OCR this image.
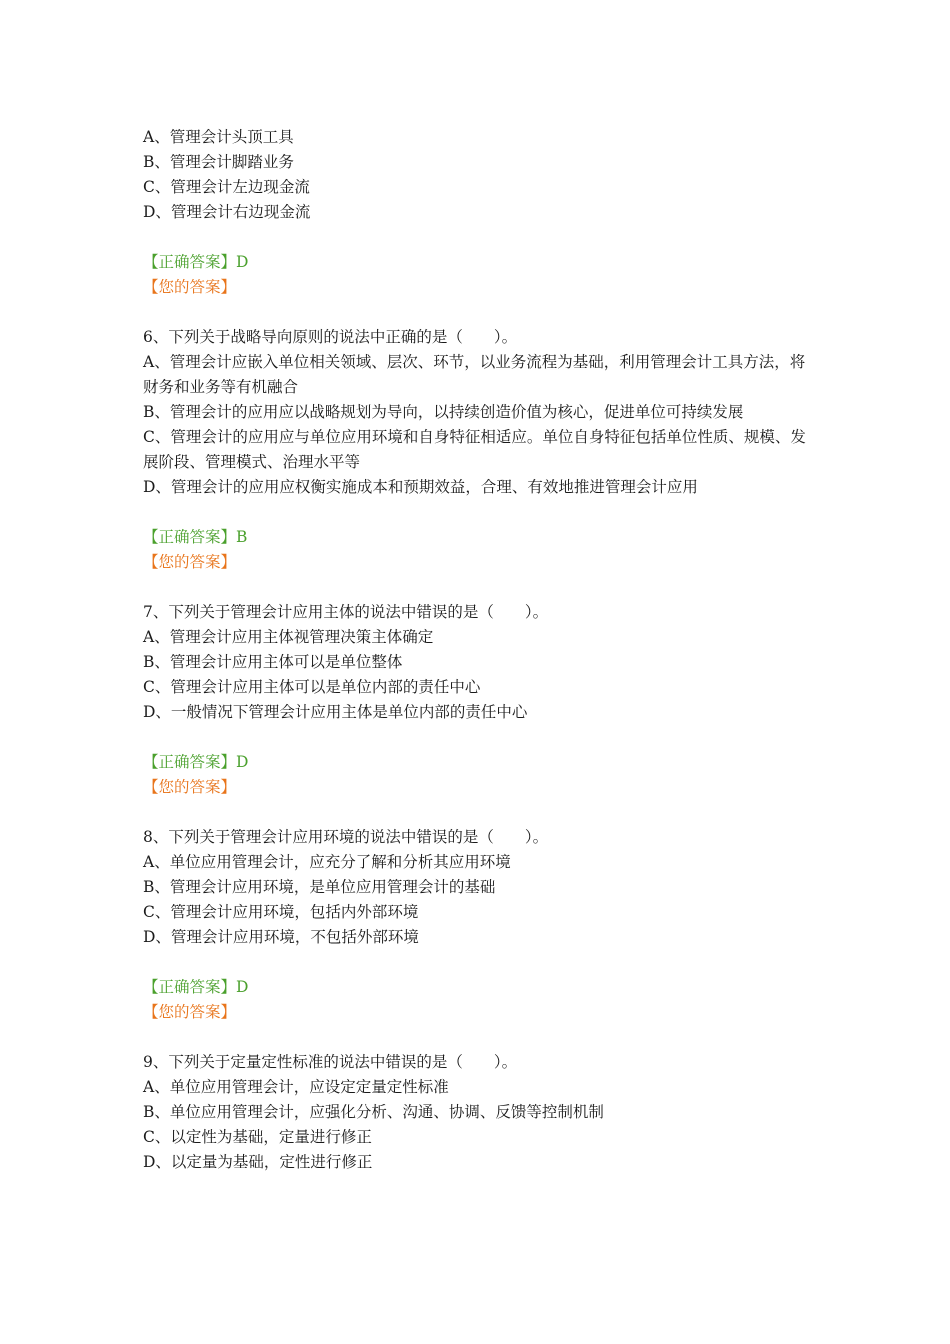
A、管理会计头顶工具

B、管理会计脚踏业务

C、管理会计左边现金流

D、管理会计右边现金流

【正确答案】D

【您的答案】

6、下列关于战略导向原则的说法中正确的是（　　）。

A、管理会计应嵌入单位相关领域、层次、环节，以业务流程为基础，利用管理会计工具方法，将财务和业务等有机融合

B、管理会计的应用应以战略规划为导向，以持续创造价值为核心，促进单位可持续发展

C、管理会计的应用应与单位应用环境和自身特征相适应。单位自身特征包括单位性质、规模、发展阶段、管理模式、治理水平等

D、管理会计的应用应权衡实施成本和预期效益，合理、有效地推进管理会计应用

【正确答案】B

【您的答案】

7、下列关于管理会计应用主体的说法中错误的是（　　）。

A、管理会计应用主体视管理决策主体确定

B、管理会计应用主体可以是单位整体

C、管理会计应用主体可以是单位内部的责任中心

D、一般情况下管理会计应用主体是单位内部的责任中心

【正确答案】D

【您的答案】

8、下列关于管理会计应用环境的说法中错误的是（　　）。

A、单位应用管理会计，应充分了解和分析其应用环境

B、管理会计应用环境，是单位应用管理会计的基础

C、管理会计应用环境，包括内外部环境

D、管理会计应用环境，不包括外部环境

【正确答案】D

【您的答案】

9、下列关于定量定性标准的说法中错误的是（　　）。

A、单位应用管理会计，应设定定量定性标准

B、单位应用管理会计，应强化分析、沟通、协调、反馈等控制机制

C、以定性为基础，定量进行修正

D、以定量为基础，定性进行修正
